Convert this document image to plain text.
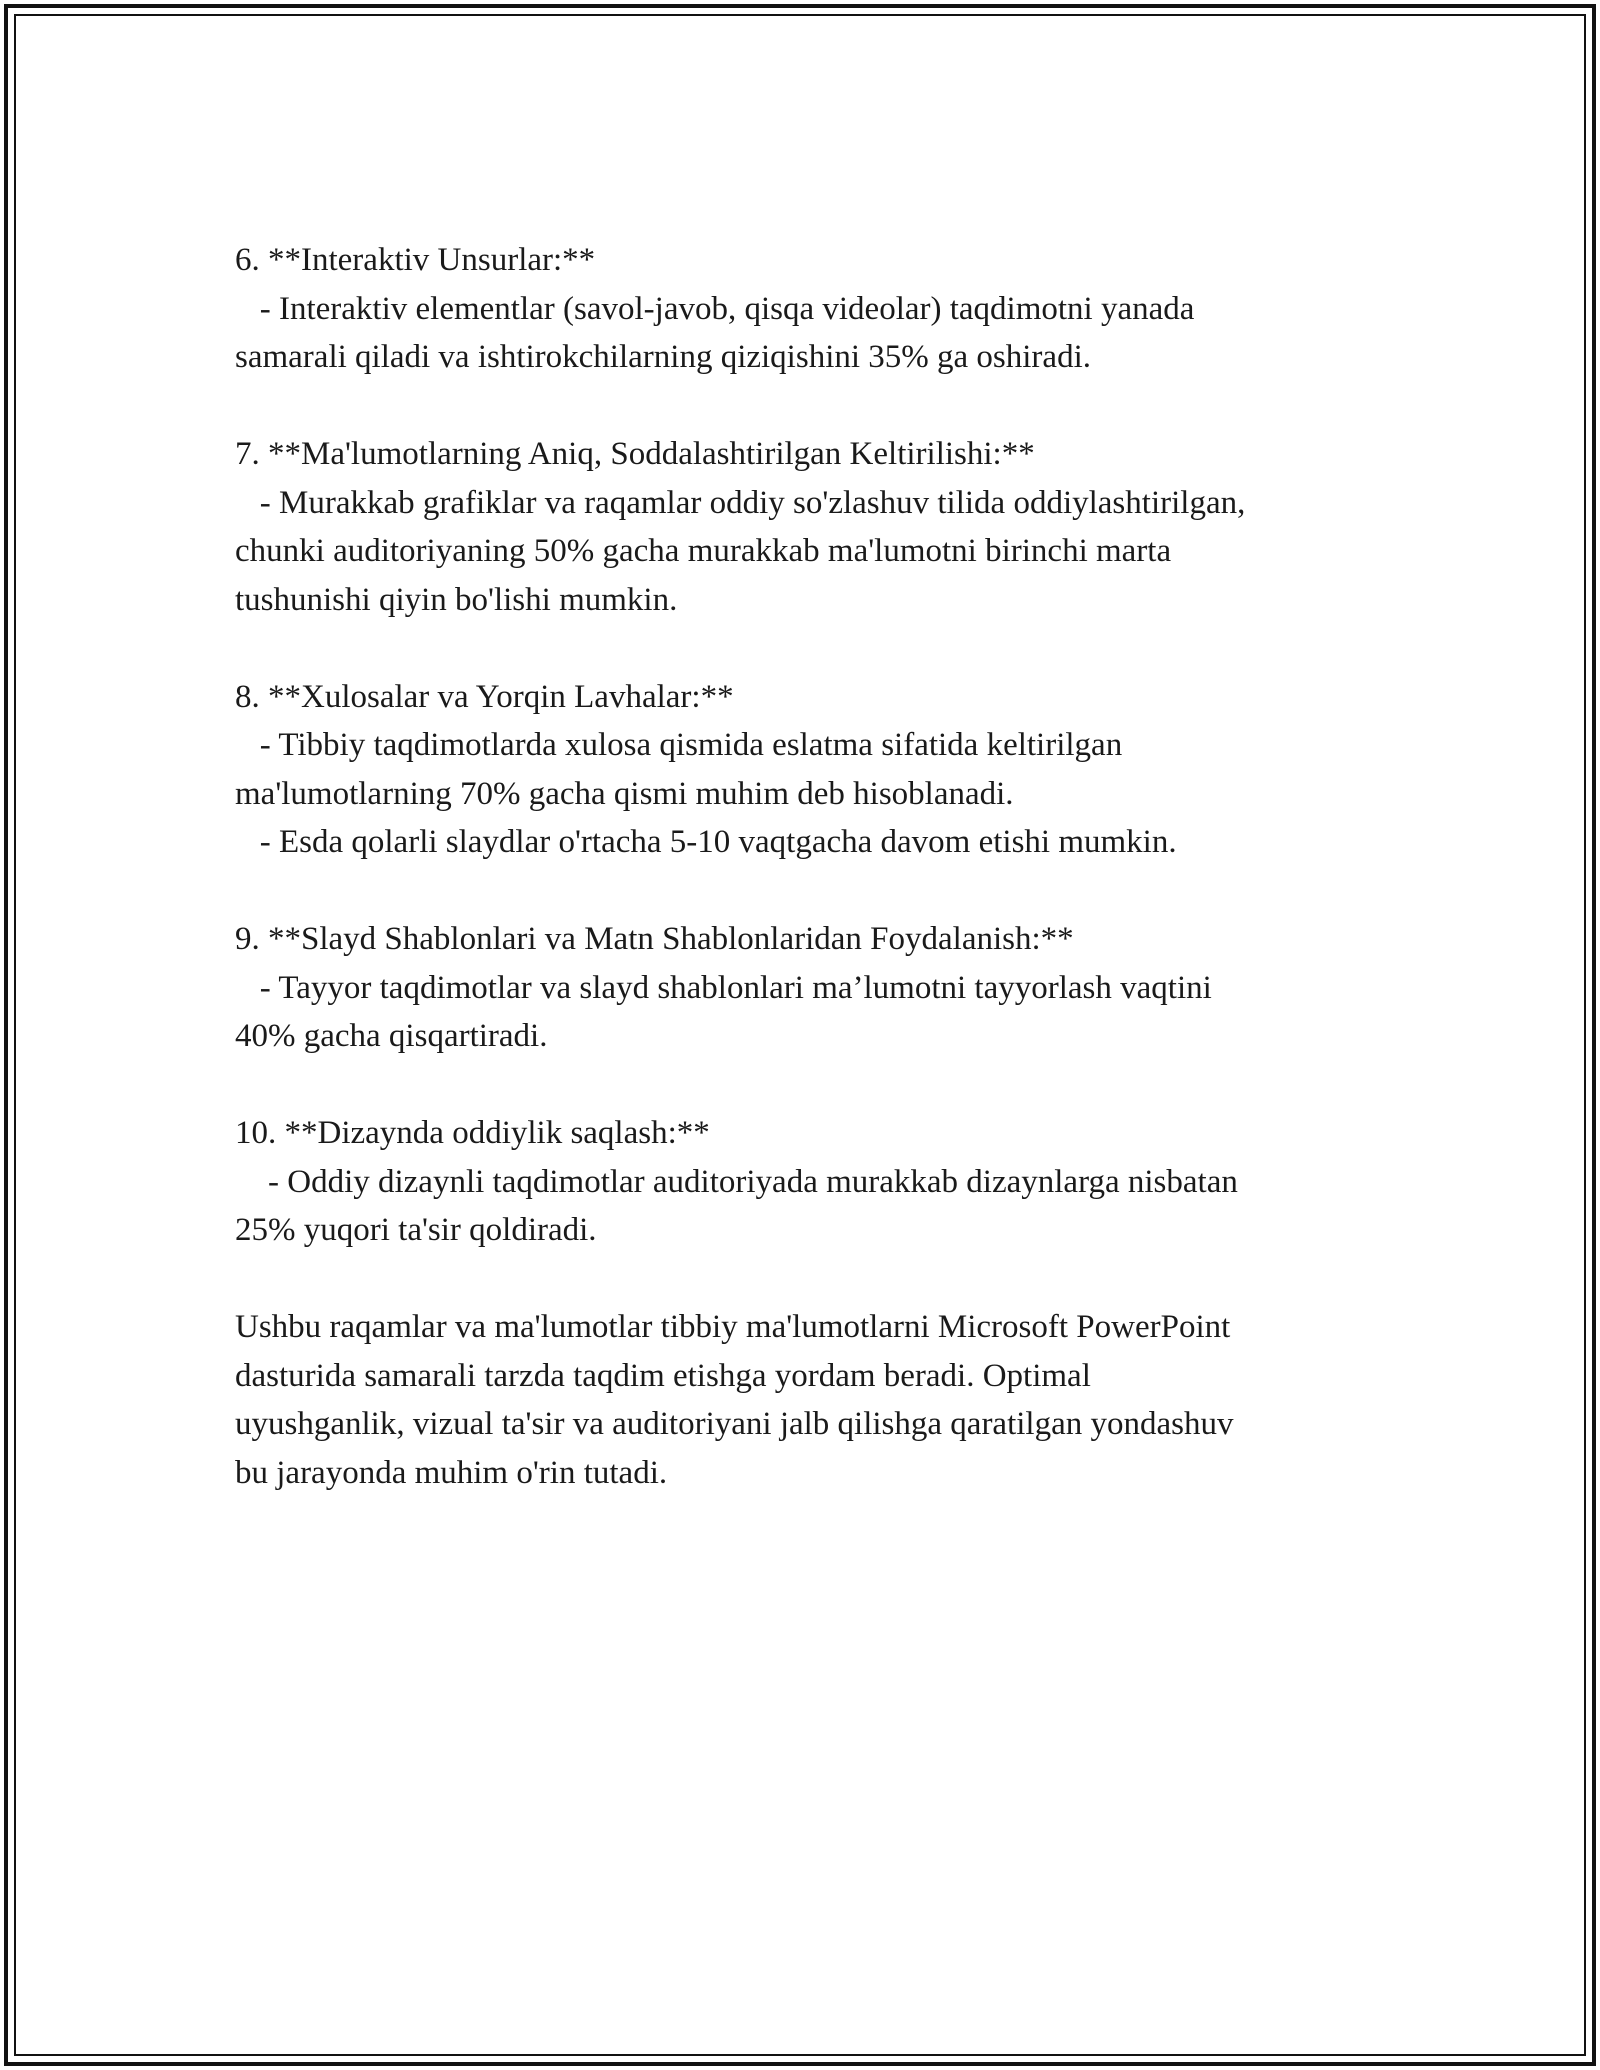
6. **Interaktiv Unsurlar:**

- Interaktiv elementlar (savol-javob, qisqa videolar) taqdimotni yanada

samarali qiladi va ishtirokchilarning qiziqishini 35% ga oshiradi.

7. **Ma'lumotlarning Aniq, Soddalashtirilgan Keltirilishi:**

- Murakkab grafiklar va raqamlar oddiy so'zlashuv tilida oddiylashtirilgan,

chunki auditoriyaning 50% gacha murakkab ma'lumotni birinchi marta

tushunishi qiyin bo'lishi mumkin.

8. **Xulosalar va Yorqin Lavhalar:**

- Tibbiy taqdimotlarda xulosa qismida eslatma sifatida keltirilgan

ma'lumotlarning 70% gacha qismi muhim deb hisoblanadi.

- Esda qolarli slaydlar o'rtacha 5-10 vaqtgacha davom etishi mumkin.

9. **Slayd Shablonlari va Matn Shablonlaridan Foydalanish:**

- Tayyor taqdimotlar va slayd shablonlari ma’lumotni tayyorlash vaqtini

40% gacha qisqartiradi.

10. **Dizaynda oddiylik saqlash:**

- Oddiy dizaynli taqdimotlar auditoriyada murakkab dizaynlarga nisbatan

25% yuqori ta'sir qoldiradi.

Ushbu raqamlar va ma'lumotlar tibbiy ma'lumotlarni Microsoft PowerPoint

dasturida samarali tarzda taqdim etishga yordam beradi. Optimal

uyushganlik, vizual ta'sir va auditoriyani jalb qilishga qaratilgan yondashuv

bu jarayonda muhim o'rin tutadi.
